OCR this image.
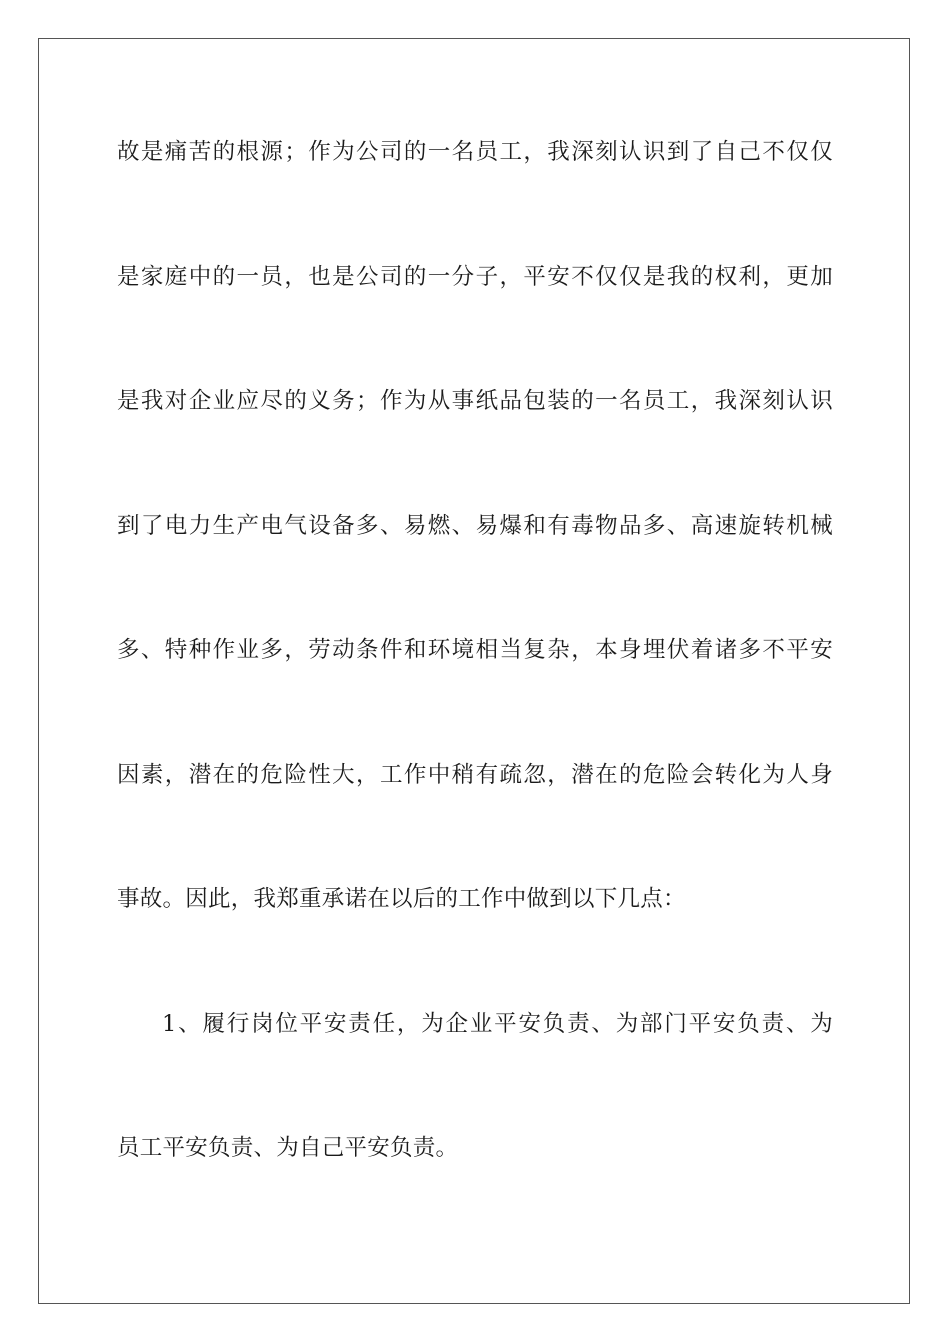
故是痛苦的根源；作为公司的一名员工，我深刻认识到了自己不仅仅
是家庭中的一员，也是公司的一分子，平安不仅仅是我的权利，更加
是我对企业应尽的义务；作为从事纸品包装的一名员工，我深刻认识
到了电力生产电气设备多、易燃、易爆和有毒物品多、高速旋转机械
多、特种作业多，劳动条件和环境相当复杂，本身埋伏着诸多不平安
因素，潜在的危险性大，工作中稍有疏忽，潜在的危险会转化为人身
事故。因此，我郑重承诺在以后的工作中做到以下几点：
1、履行岗位平安责任，为企业平安负责、为部门平安负责、为
员工平安负责、为自己平安负责。
